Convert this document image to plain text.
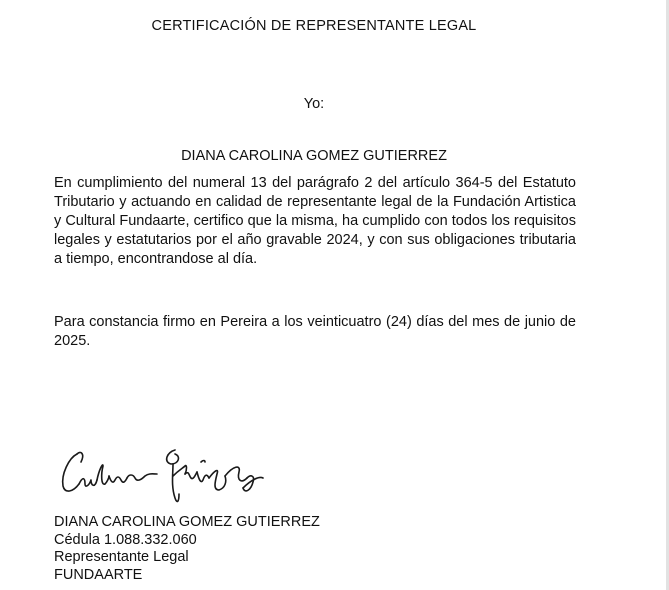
CERTIFICACIÓN DE REPRESENTANTE LEGAL
Yo:
DIANA CAROLINA GOMEZ GUTIERREZ

En cumplimiento del numeral 13 del parágrafo 2 del artículo 364-5 del Estatuto Tributario y actuando en calidad de representante legal de la Fundación Artistica y Cultural Fundaarte, certifico que la misma, ha cumplido con todos los requisitos legales y estatutarios por el año gravable 2024, y con sus obligaciones tributaria a tiempo, encontrandose al día.

Para constancia firmo en Pereira a los veinticuatro (24) días del mes de junio de 2025.

DIANA CAROLINA GOMEZ GUTIERREZ
Cédula 1.088.332.060
Representante Legal
FUNDAARTE
